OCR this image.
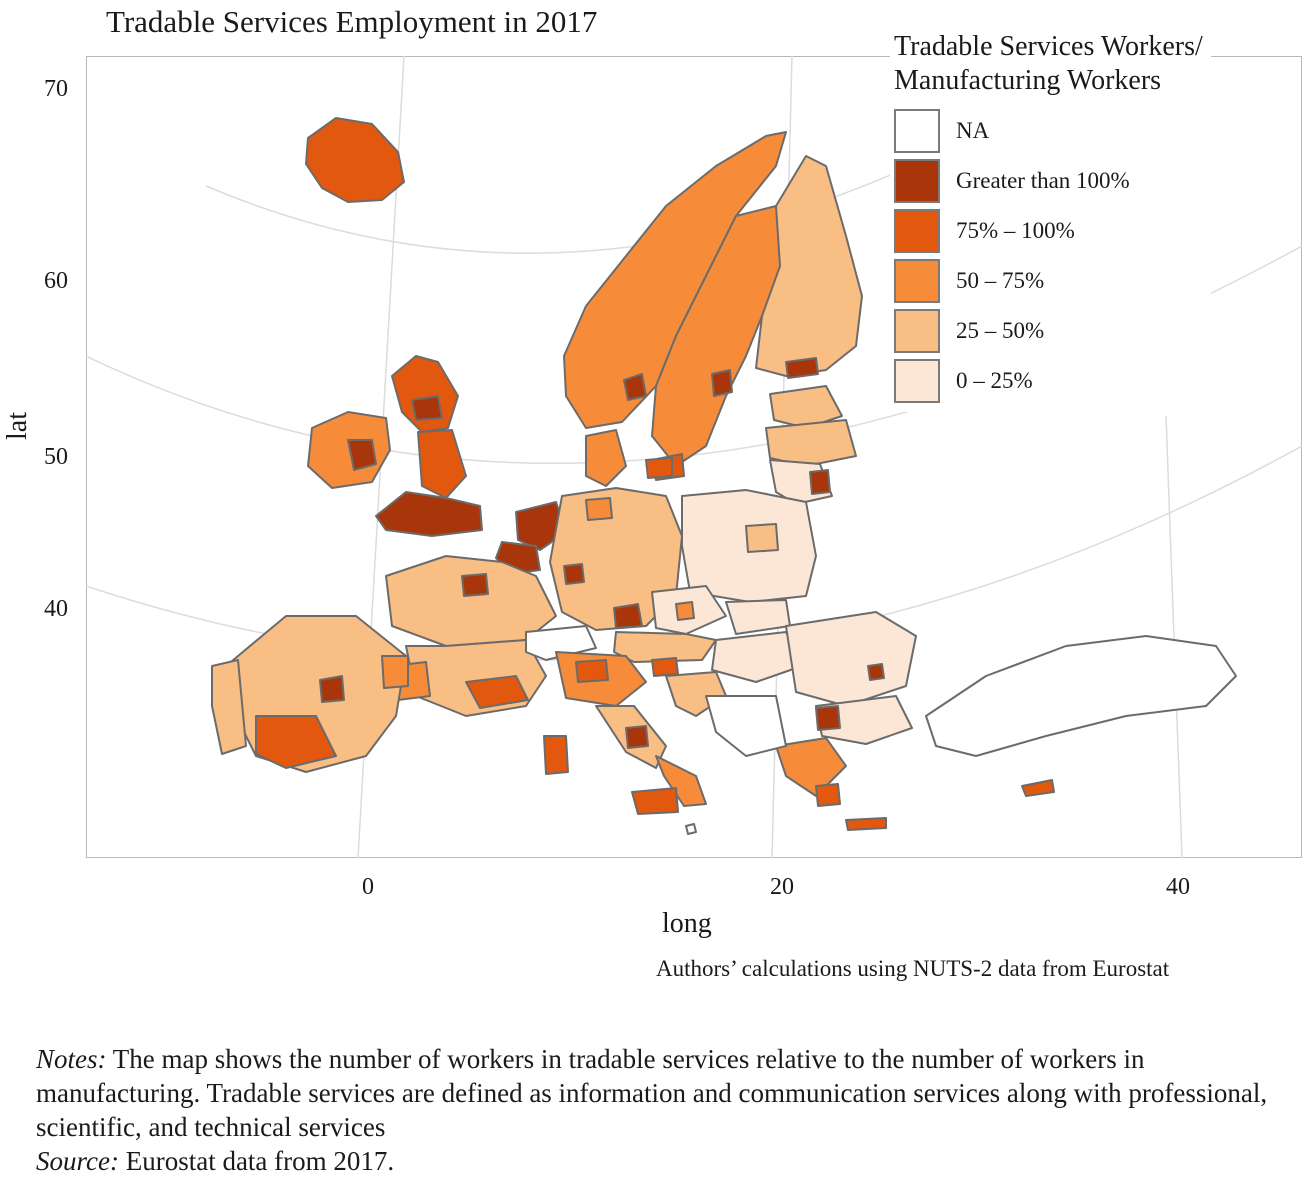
Tradable Services Employment in 2017
lat
70
60
50
40
0	20	40
long
Tradable Services Workers/
Manufacturing Workers
NA
Greater than 100%
75% – 100%
50 – 75%
25 – 50%
0 – 25%
Authors’ calculations using NUTS-2 data from Eurostat

Notes: The map shows the number of workers in tradable services relative to the number of workers in manufacturing. Tradable services are defined as information and communication services along with professional, scientific, and technical services

Source: Eurostat data from 2017.
